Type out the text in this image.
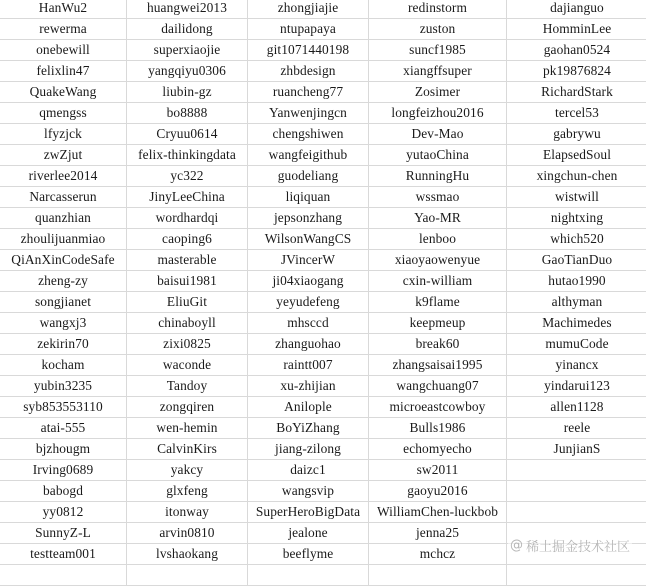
HanWu2	huangwei2013	zhongjiajie	redinstorm	dajianguo
rewerma	dailidong	ntupapaya	zuston	HomminLee
onebewill	superxiaojie	git1071440198	suncf1985	gaohan0524
felixlin47	yangqiyu0306	zhbdesign	xiangffsuper	pk19876824
QuakeWang	liubin-gz	ruancheng77	Zosimer	RichardStark
qmengss	bo8888	Yanwenjingcn	longfeizhou2016	tercel53
lfyzjck	Cryuu0614	chengshiwen	Dev-Mao	gabrywu
zwZjut	felix-thinkingdata	wangfeigithub	yutaoChina	ElapsedSoul
riverlee2014	yc322	guodeliang	RunningHu	xingchun-chen
Narcasserun	JinyLeeChina	liqiquan	wssmao	wistwill
quanzhian	wordhardqi	jepsonzhang	Yao-MR	nightxing
zhoulijuanmiao	caoping6	WilsonWangCS	lenboo	which520
QiAnXinCodeSafe	masterable	JVincerW	xiaoyaowenyue	GaoTianDuo
zheng-zy	baisui1981	ji04xiaogang	cxin-william	hutao1990
songjianet	EliuGit	yeyudefeng	k9flame	althyman
wangxj3	chinaboyll	mhsccd	keepmeup	Machimedes
zekirin70	zixi0825	zhanguohao	break60	mumuCode
kocham	waconde	raintt007	zhangsaisai1995	yinancx
yubin3235	Tandoy	xu-zhijian	wangchuang07	yindarui123
syb853553110	zongqiren	Anilople	microeastcowboy	allen1128
atai-555	wen-hemin	BoYiZhang	Bulls1986	reele
bjzhougm	CalvinKirs	jiang-zilong	echomyecho	JunjianS
Irving0689	yakcy	daizc1	sw2011	
babogd	glxfeng	wangsvip	gaoyu2016	
yy0812	itonway	SuperHeroBigData	WilliamChen-luckbob	
SunnyZ-L	arvin0810	jealone	jenna25	
testteam001	lvshaokang	beeflyme	mchcz	

@ 稀土掘金技术社区
